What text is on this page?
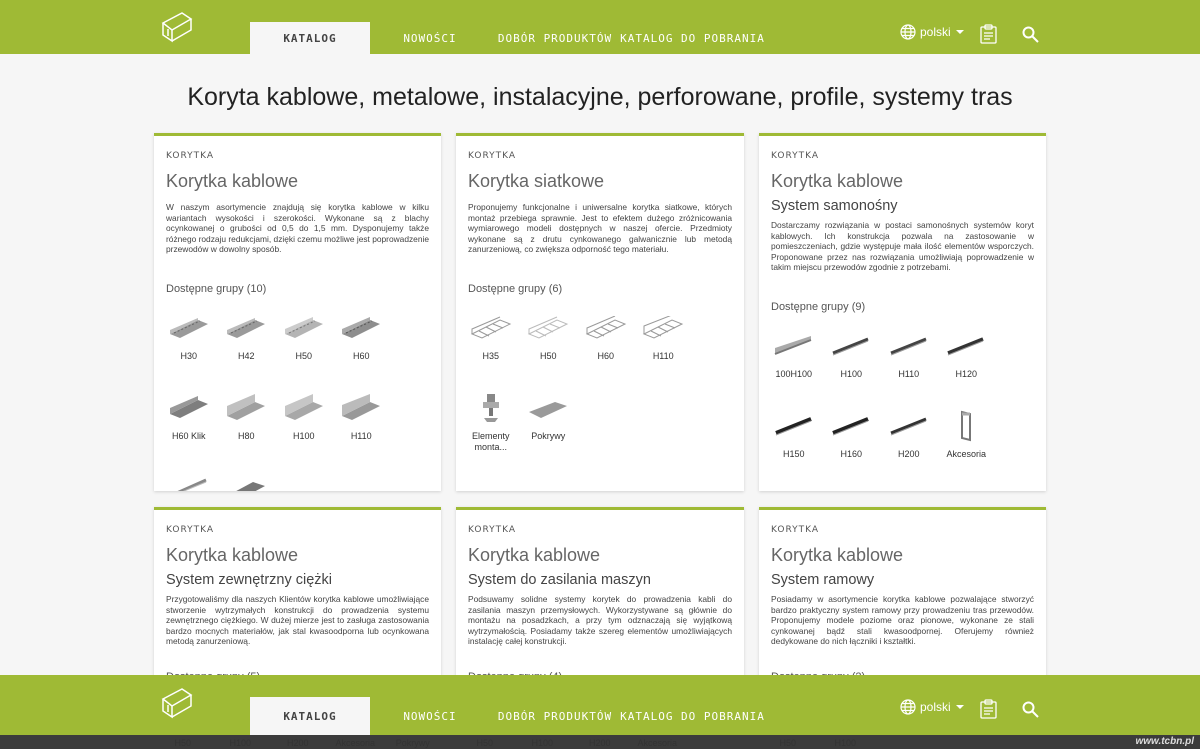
KATALOG	NOWOŚCI	DOBÓR PRODUKTÓW KATALOG DO POBRANIA	polski
Koryta kablowe, metalowe, instalacyjne, perforowane, profile, systemy tras
KORYTKA
Korytka kablowe
W naszym asortymencie znajdują się korytka kablowe w kilku wariantach wysokości i szerokości. Wykonane są z blachy ocynkowanej o grubości od 0,5 do 1,5 mm. Dysponujemy także różnego rodzaju redukcjami, dzięki czemu możliwe jest poprowadzenie przewodów w dowolny sposób.
Dostępne grupy (10)
H30	H42	H50	H60
H60 Klik	H80	H100	H110
KORYTKA
Korytka siatkowe
Proponujemy funkcjonalne i uniwersalne korytka siatkowe, których montaż przebiega sprawnie. Jest to efektem dużego zróżnicowania wymiarowego modeli dostępnych w naszej ofercie. Przedmioty wykonane są z drutu cynkowanego galwanicznie lub metodą zanurzeniową, co zwiększa odporność tego materiału.
Dostępne grupy (6)
H35	H50	H60	H110
Elementy monta...
Pokrywy
KORYTKA
Korytka kablowe
System samonośny
Dostarczamy rozwiązania w postaci samonośnych systemów koryt kablowych. Ich konstrukcja pozwala na zastosowanie w pomieszczeniach, gdzie występuje mała ilość elementów wsporczych. Proponowane przez nas rozwiązania umożliwiają poprowadzenie w takim miejscu przewodów zgodnie z potrzebami.
Dostępne grupy (9)
100H100	H100	H110	H120
H150	H160	H200	Akcesoria
KORYTKA
Korytka kablowe
System zewnętrzny ciężki
Przygotowaliśmy dla naszych Klientów korytka kablowe umożliwiające stworzenie wytrzymałych konstrukcji do prowadzenia systemu zewnętrznego ciężkiego. W dużej mierze jest to zasługa zastosowania bardzo mocnych materiałów, jak stal kwasoodporna lub ocynkowana metodą zanurzeniową.
KORYTKA
Korytka kablowe
System do zasilania maszyn
Podsuwamy solidne systemy korytek do prowadzenia kabli do zasilania maszyn przemysłowych. Wykorzystywane są głównie do montażu na posadzkach, a przy tym odznaczają się wyjątkową wytrzymałością. Posiadamy także szereg elementów umożliwiających instalację całej konstrukcji.
KORYTKA
Korytka kablowe
System ramowy
Posiadamy w asortymencie korytka kablowe pozwalające stworzyć bardzo praktyczny system ramowy przy prowadzeniu tras przewodów. Proponujemy modele poziome oraz pionowe, wykonane ze stali cynkowanej bądź stali kwasoodpornej. Oferujemy również dedykowane do nich łączniki i kształtki.
KATALOG	NOWOŚCI	DOBÓR PRODUKTÓW KATALOG DO POBRANIA
polski
www.tcbn.pl
H50	H100	H200	Akcesoria	Pokrywy	H50	H100	H200	Akcesoria	H50	H100
